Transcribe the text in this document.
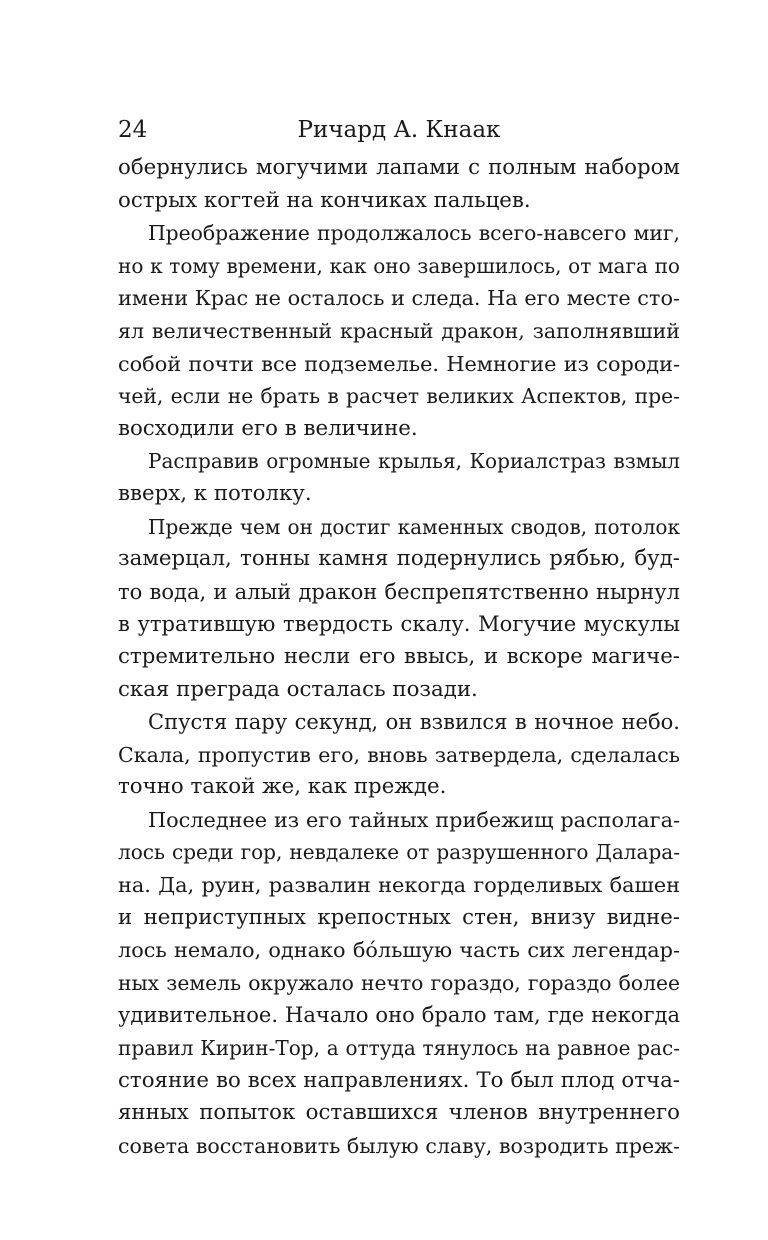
24	Ричард А. Кнаак
обернулись могучими лапами с полным набором
острых когтей на кончиках пальцев.
Преображение продолжалось всего-навсего миг,
но к тому времени, как оно завершилось, от мага по
имени Крас не осталось и следа. На его месте сто-
ял величественный красный дракон, заполнявший
собой почти все подземелье. Немногие из сороди-
чей, если не брать в расчет великих Аспектов, пре-
восходили его в величине.
Расправив огромные крылья, Кориалстраз взмыл
вверх, к потолку.
Прежде чем он достиг каменных сводов, потолок
замерцал, тонны камня подернулись рябью, буд-
то вода, и алый дракон беспрепятственно нырнул
в утратившую твердость скалу. Могучие мускулы
стремительно несли его ввысь, и вскоре магиче-
ская преграда осталась позади.
Спустя пару секунд, он взвился в ночное небо.
Скала, пропустив его, вновь затвердела, сделалась
точно такой же, как прежде.
Последнее из его тайных прибежищ располага-
лось среди гор, невдалеке от разрушенного Далара-
на. Да, руин, развалин некогда горделивых башен
и неприступных крепостных стен, внизу видне-
лось немало, однако бóльшую часть сих легендар-
ных земель окружало нечто гораздо, гораздо более
удивительное. Начало оно брало там, где некогда
правил Кирин-Тор, а оттуда тянулось на равное рас-
стояние во всех направлениях. То был плод отча-
янных попыток оставшихся членов внутреннего
совета восстановить былую славу, возродить преж-
